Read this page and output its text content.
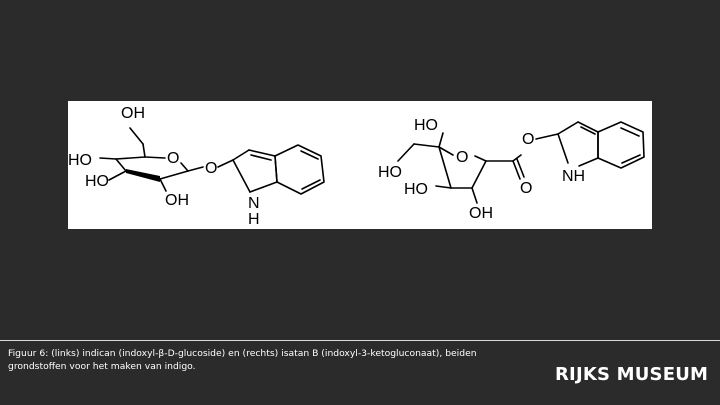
OH
HO
HO
O
OH
O
N
H
HO
HO
O
O
O
HO
OH
NH
Figuur 6: (links) indican (indoxyl-β-D-glucoside) en (rechts) isatan B (indoxyl-3-ketogluconaat), beiden
grondstoffen voor het maken van indigo.	RIJKS MUSEUM
